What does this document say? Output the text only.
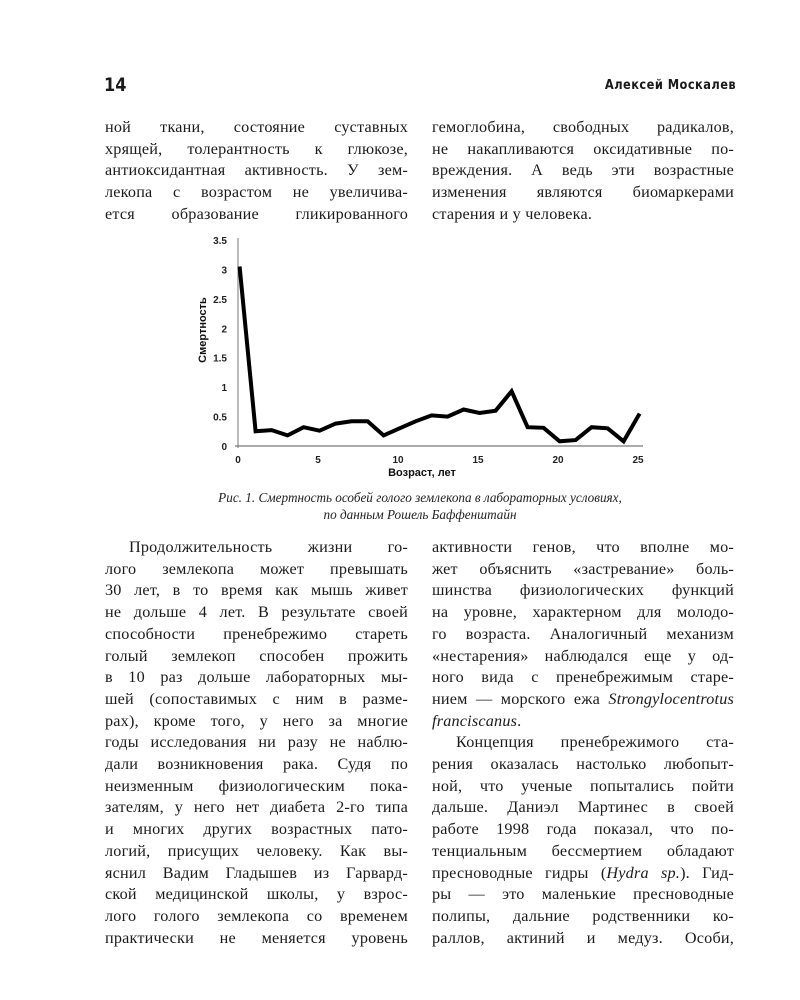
14	Алексей Москалев
ной ткани, состояние суставных
хрящей, толерантность к глюкозе,
антиоксидантная активность. У зем-
лекопа с возрастом не увеличива-
ется образование гликированного
гемоглобина, свободных радикалов,
не накапливаются оксидативные по-
вреждения. А ведь эти возрастные
изменения являются биомаркерами
старения и у человека.
0
0.5
1
1.5
2
2.5
3
3.5
0	5	10	15	20	25
Смертность
Возраст, лет
Рис. 1. Смертность особей голого землекопа в лабораторных условиях,
по данным Рошель Баффенштайн
Продолжительность жизни го-
лого землекопа может превышать
30 лет, в то время как мышь живет
не дольше 4 лет. В результате своей
способности пренебрежимо стареть
голый землекоп способен прожить
в 10 раз дольше лабораторных мы-
шей (сопоставимых с ним в разме-
рах), кроме того, у него за многие
годы исследования ни разу не наблю-
дали возникновения рака. Судя по
неизменным физиологическим пока-
зателям, у него нет диабета 2-го типа
и многих других возрастных пато-
логий, присущих человеку. Как вы-
яснил Вадим Гладышев из Гарвард-
ской медицинской школы, у взрос-
лого голого землекопа со временем
практически не меняется уровень
активности генов, что вполне мо-
жет объяснить «застревание» боль-
шинства физиологических функций
на уровне, характерном для молодо-
го возраста. Аналогичный механизм
«нестарения» наблюдался еще у од-
ного вида с пренебрежимым старе-
нием — морского ежа Strongylocentrotus
franciscanus.
Концепция пренебрежимого ста-
рения оказалась настолько любопыт-
ной, что ученые попытались пойти
дальше. Даниэл Мартинес в своей
работе 1998 года показал, что по-
тенциальным бессмертием обладают
пресноводные гидры (Hydra sp.). Гид-
ры — это маленькие пресноводные
полипы, дальние родственники ко-
раллов, актиний и медуз. Особи,
